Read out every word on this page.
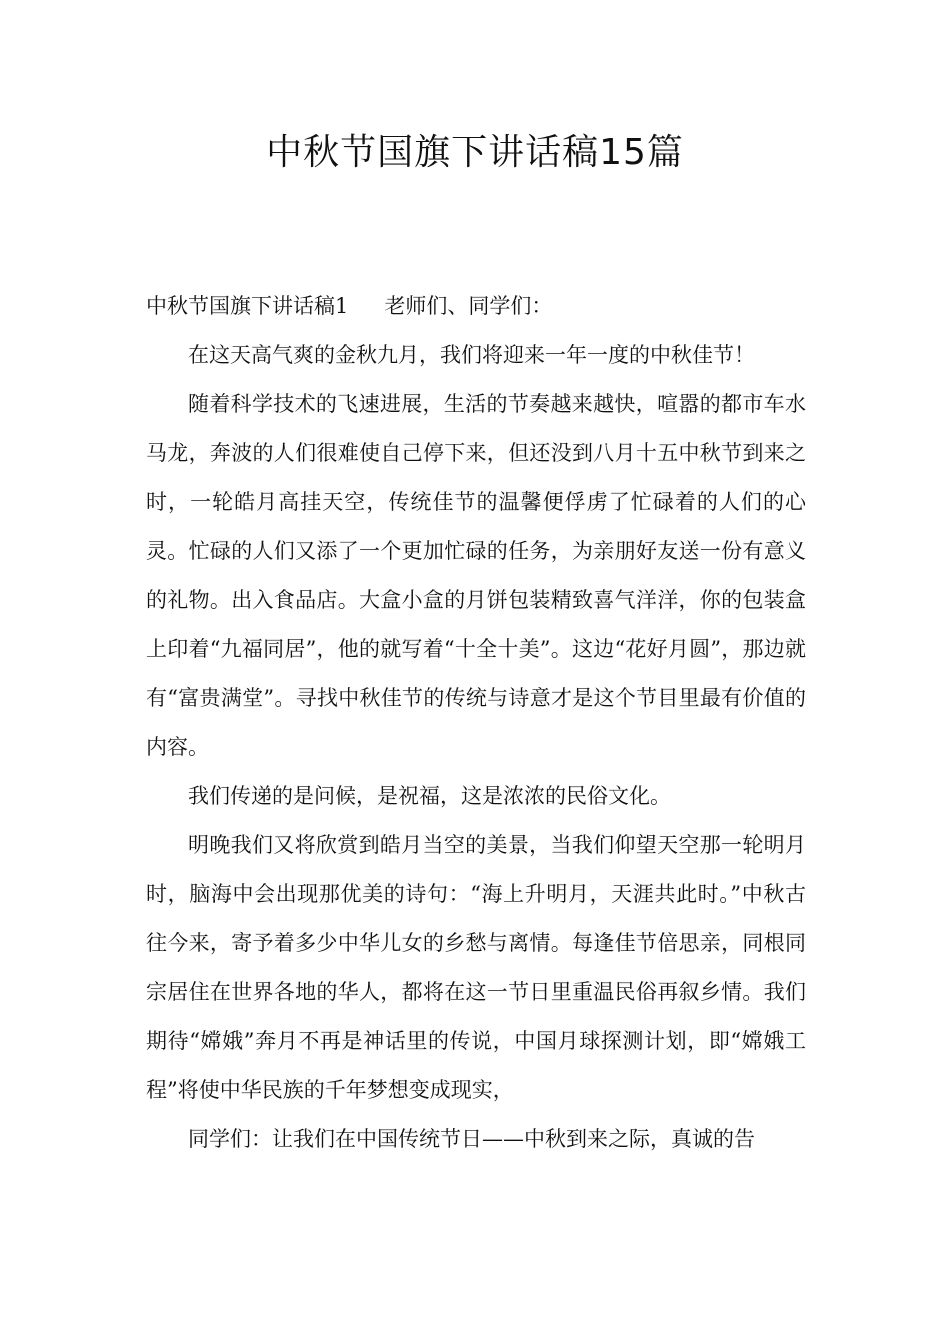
中秋节国旗下讲话稿15篇

中秋节国旗下讲话稿1 老师们、同学们：

在这天高气爽的金秋九月，我们将迎来一年一度的中秋佳节！

随着科学技术的飞速进展，生活的节奏越来越快，喧嚣的都市车水马龙，奔波的人们很难使自己停下来，但还没到八月十五中秋节到来之时，一轮皓月高挂天空，传统佳节的温馨便俘虏了忙碌着的人们的心灵。忙碌的人们又添了一个更加忙碌的任务，为亲朋好友送一份有意义的礼物。出入食品店。大盒小盒的月饼包装精致喜气洋洋，你的包装盒上印着“九福同居”，他的就写着“十全十美”。这边“花好月圆”，那边就有“富贵满堂”。寻找中秋佳节的传统与诗意才是这个节目里最有价值的内容。

我们传递的是问候，是祝福，这是浓浓的民俗文化。

明晚我们又将欣赏到皓月当空的美景，当我们仰望天空那一轮明月时，脑海中会出现那优美的诗句：“海上升明月，天涯共此时。”中秋古往今来，寄予着多少中华儿女的乡愁与离情。每逢佳节倍思亲，同根同宗居住在世界各地的华人，都将在这一节日里重温民俗再叙乡情。我们期待“嫦娥”奔月不再是神话里的传说，中国月球探测计划，即“嫦娥工程”将使中华民族的千年梦想变成现实，

同学们：让我们在中国传统节日——中秋到来之际，真诚的告
